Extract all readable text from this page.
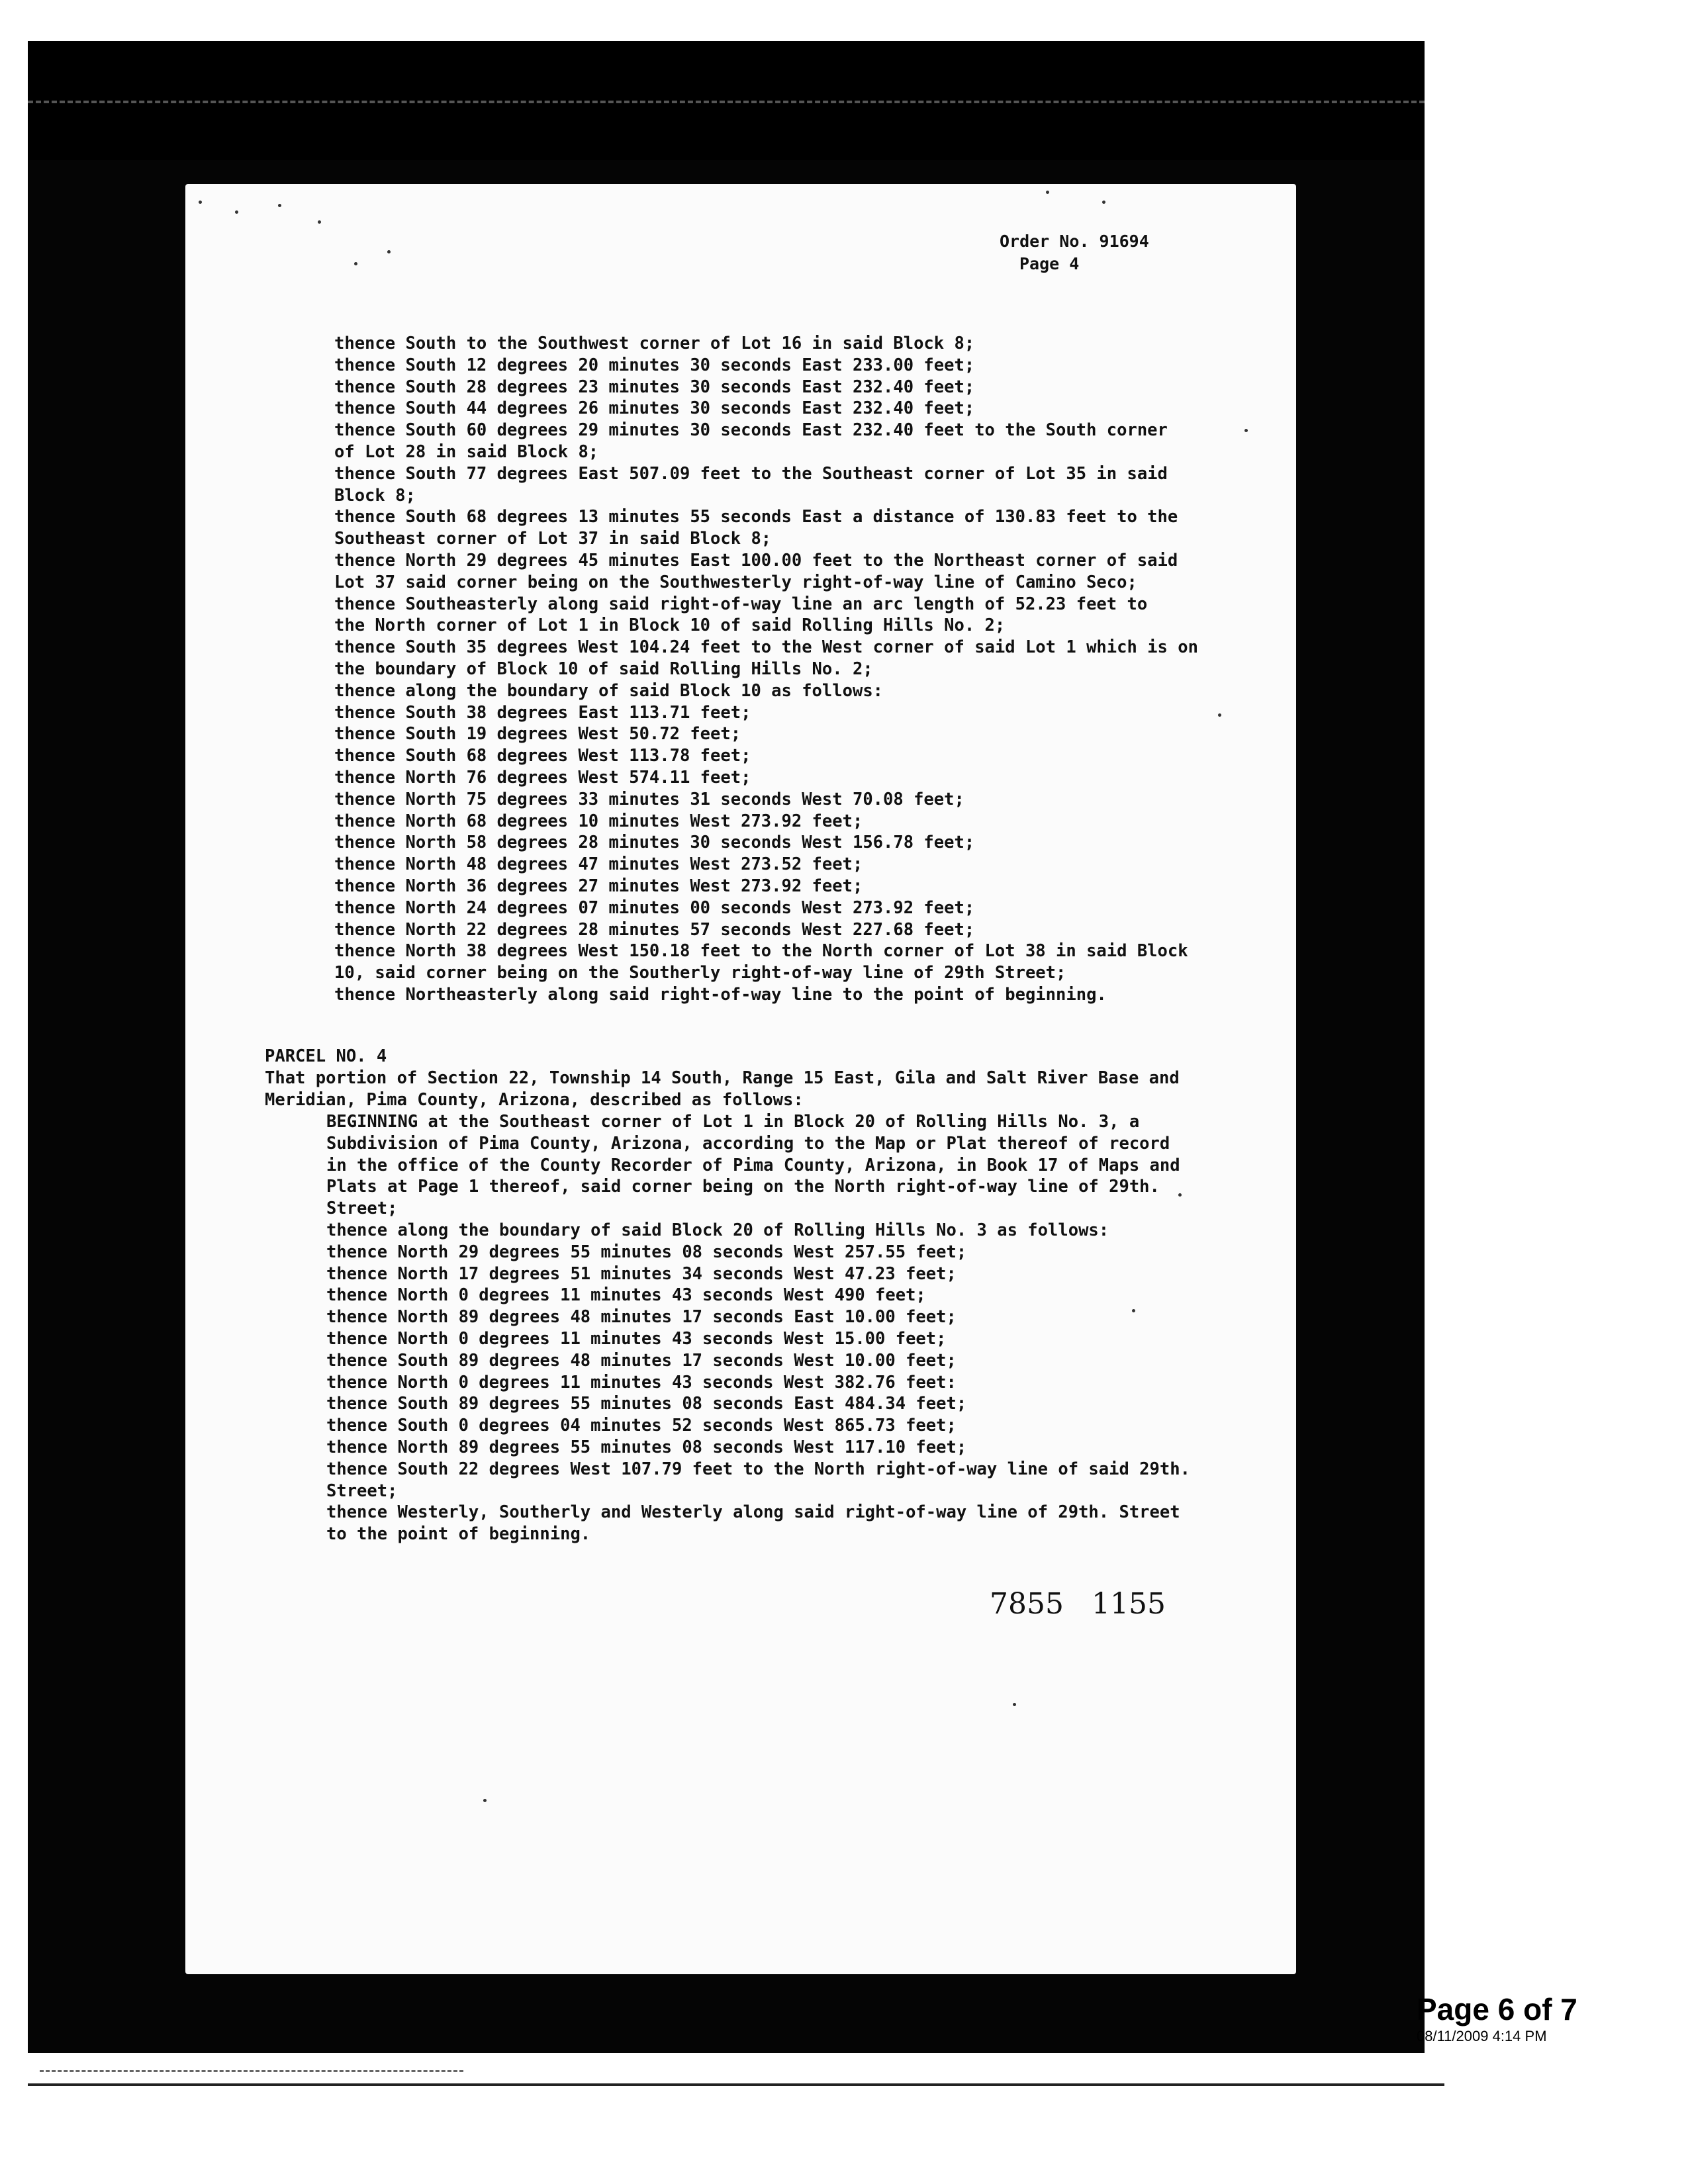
Order No. 91694
Page 4
thence South to the Southwest corner of Lot 16 in said Block 8;
thence South 12 degrees 20 minutes 30 seconds East 233.00 feet;
thence South 28 degrees 23 minutes 30 seconds East 232.40 feet;
thence South 44 degrees 26 minutes 30 seconds East 232.40 feet;
thence South 60 degrees 29 minutes 30 seconds East 232.40 feet to the South corner
of Lot 28 in said Block 8;
thence South 77 degrees East 507.09 feet to the Southeast corner of Lot 35 in said
Block 8;
thence South 68 degrees 13 minutes 55 seconds East a distance of 130.83 feet to the
Southeast corner of Lot 37 in said Block 8;
thence North 29 degrees 45 minutes East 100.00 feet to the Northeast corner of said
Lot 37 said corner being on the Southwesterly right-of-way line of Camino Seco;
thence Southeasterly along said right-of-way line an arc length of 52.23 feet to
the North corner of Lot 1 in Block 10 of said Rolling Hills No. 2;
thence South 35 degrees West 104.24 feet to the West corner of said Lot 1 which is on
the boundary of Block 10 of said Rolling Hills No. 2;
thence along the boundary of said Block 10 as follows:
thence South 38 degrees East 113.71 feet;
thence South 19 degrees West 50.72 feet;
thence South 68 degrees West 113.78 feet;
thence North 76 degrees West 574.11 feet;
thence North 75 degrees 33 minutes 31 seconds West 70.08 feet;
thence North 68 degrees 10 minutes West 273.92 feet;
thence North 58 degrees 28 minutes 30 seconds West 156.78 feet;
thence North 48 degrees 47 minutes West 273.52 feet;
thence North 36 degrees 27 minutes West 273.92 feet;
thence North 24 degrees 07 minutes 00 seconds West 273.92 feet;
thence North 22 degrees 28 minutes 57 seconds West 227.68 feet;
thence North 38 degrees West 150.18 feet to the North corner of Lot 38 in said Block
10, said corner being on the Southerly right-of-way line of 29th Street;
thence Northeasterly along said right-of-way line to the point of beginning.
PARCEL NO. 4
That portion of Section 22, Township 14 South, Range 15 East, Gila and Salt River Base and
Meridian, Pima County, Arizona, described as follows:
BEGINNING at the Southeast corner of Lot 1 in Block 20 of Rolling Hills No. 3, a
Subdivision of Pima County, Arizona, according to the Map or Plat thereof of record
in the office of the County Recorder of Pima County, Arizona, in Book 17 of Maps and
Plats at Page 1 thereof, said corner being on the North right-of-way line of 29th.
Street;
thence along the boundary of said Block 20 of Rolling Hills No. 3 as follows:
thence North 29 degrees 55 minutes 08 seconds West 257.55 feet;
thence North 17 degrees 51 minutes 34 seconds West 47.23 feet;
thence North 0 degrees 11 minutes 43 seconds West 490 feet;
thence North 89 degrees 48 minutes 17 seconds East 10.00 feet;
thence North 0 degrees 11 minutes 43 seconds West 15.00 feet;
thence South 89 degrees 48 minutes 17 seconds West 10.00 feet;
thence North 0 degrees 11 minutes 43 seconds West 382.76 feet:
thence South 89 degrees 55 minutes 08 seconds East 484.34 feet;
thence South 0 degrees 04 minutes 52 seconds West 865.73 feet;
thence North 89 degrees 55 minutes 08 seconds West 117.10 feet;
thence South 22 degrees West 107.79 feet to the North right-of-way line of said 29th.
Street;
thence Westerly, Southerly and Westerly along said right-of-way line of 29th. Street
to the point of beginning.
7855 1155
Page 6 of 7
08/11/2009 4:14 PM
